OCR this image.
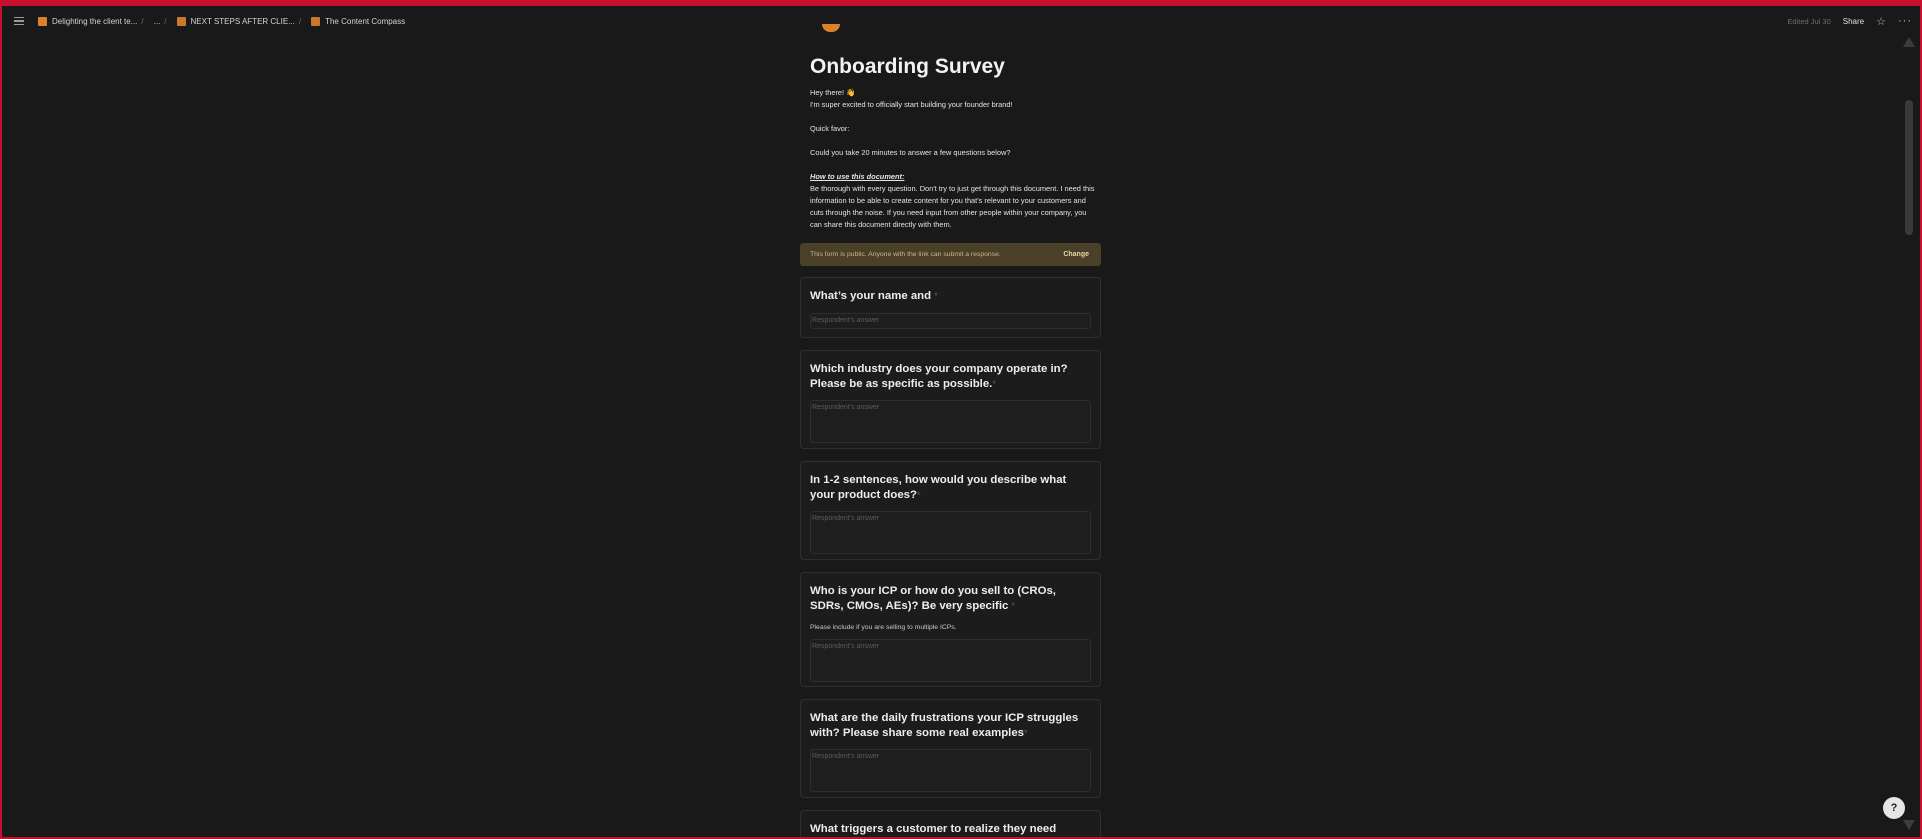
Delighting the client te... / ... /	NEXT STEPS AFTER CLIE... /	The Content Compass	Edited Jul 30 Share ☆ ···
Onboarding Survey

Hey there! 👋

I'm super excited to officially start building your founder brand!

Quick favor:

Could you take 20 minutes to answer a few questions below?

How to use this document:

Be thorough with every question. Don't try to just get through this document. I need this information to be able to create content for you that's relevant to your customers and cuts through the noise. If you need input from other people within your company, you can share this document directly with them.

This form is public. Anyone with the link can submit a response.	Change
What’s your name and *
Respondent's answer
Which industry does your company operate in? Please be as specific as possible.*
Respondent's answer
In 1-2 sentences, how would you describe what your product does?*
Respondent's answer
Who is your ICP or how do you sell to (CROs, SDRs, CMOs, AEs)? Be very specific *
Please include if you are selling to multiple ICPs.
Respondent's answer
What are the daily frustrations your ICP struggles with? Please share some real examples*
Respondent's answer
What triggers a customer to realize they need
?
